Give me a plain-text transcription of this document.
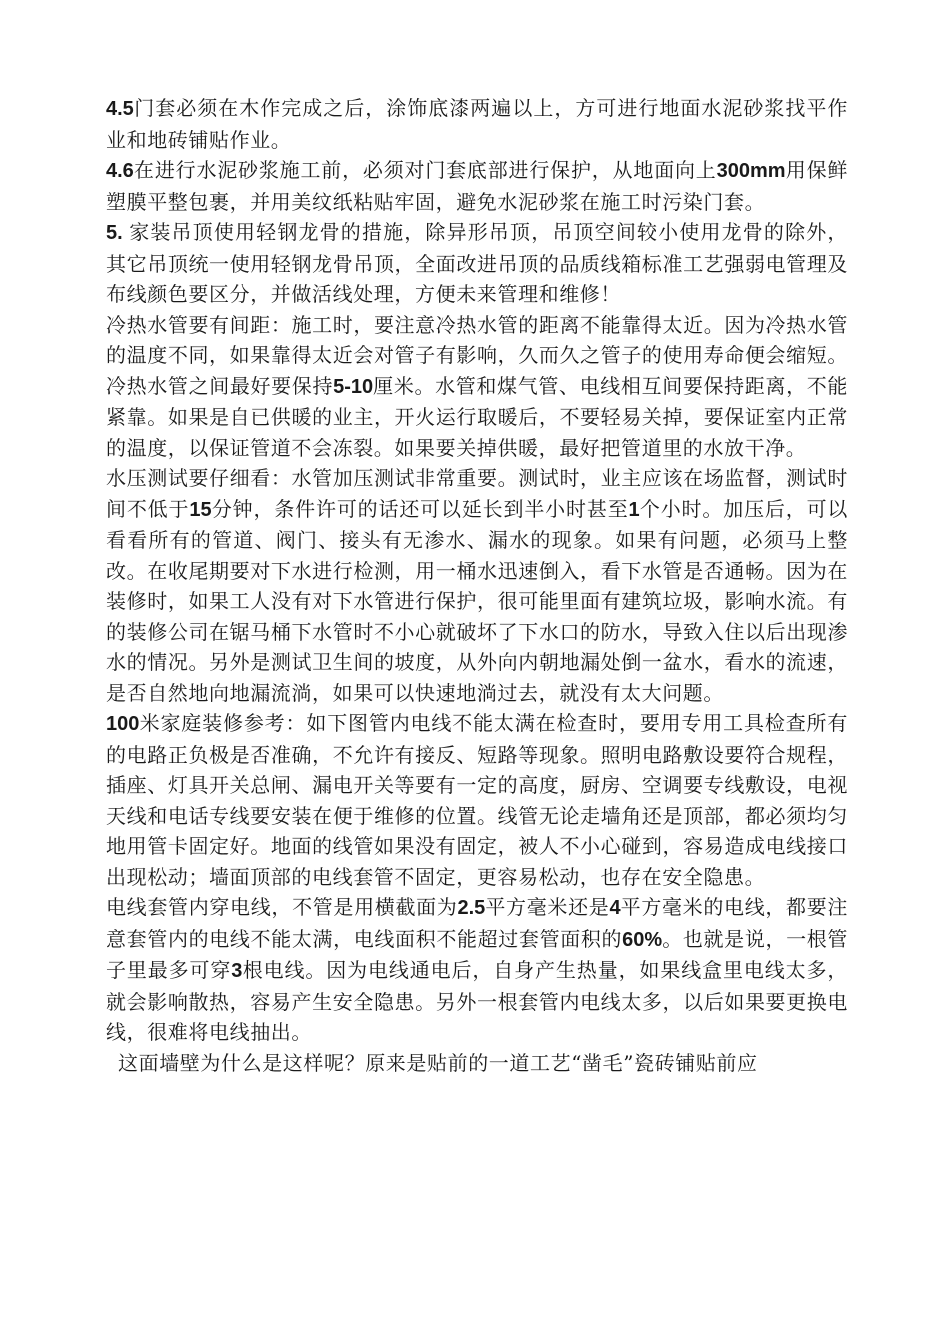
4.5门套必须在木作完成之后，涂饰底漆两遍以上，方可进行地面水泥砂浆找平作业和地砖铺贴作业。

4.6在进行水泥砂浆施工前，必须对门套底部进行保护，从地面向上300mm用保鲜塑膜平整包裹，并用美纹纸粘贴牢固，避免水泥砂浆在施工时污染门套。

5. 家装吊顶使用轻钢龙骨的措施，除异形吊顶，吊顶空间较小使用龙骨的除外，其它吊顶统一使用轻钢龙骨吊顶，全面改进吊顶的品质线箱标准工艺强弱电管理及布线颜色要区分，并做活线处理，方便未来管理和维修！

冷热水管要有间距：施工时，要注意冷热水管的距离不能靠得太近。因为冷热水管的温度不同，如果靠得太近会对管子有影响，久而久之管子的使用寿命便会缩短。冷热水管之间最好要保持5-10厘米。水管和煤气管、电线相互间要保持距离，不能紧靠。如果是自已供暖的业主，开火运行取暖后，不要轻易关掉，要保证室内正常的温度，以保证管道不会冻裂。如果要关掉供暖，最好把管道里的水放干净。

水压测试要仔细看：水管加压测试非常重要。测试时，业主应该在场监督，测试时间不低于15分钟，条件许可的话还可以延长到半小时甚至1个小时。加压后，可以看看所有的管道、阀门、接头有无渗水、漏水的现象。如果有问题，必须马上整改。在收尾期要对下水进行检测，用一桶水迅速倒入，看下水管是否通畅。因为在装修时，如果工人没有对下水管进行保护，很可能里面有建筑垃圾，影响水流。有的装修公司在锯马桶下水管时不小心就破坏了下水口的防水，导致入住以后出现渗水的情况。另外是测试卫生间的坡度，从外向内朝地漏处倒一盆水，看水的流速，是否自然地向地漏流淌，如果可以快速地淌过去，就没有太大问题。

100米家庭装修参考：如下图管内电线不能太满在检查时，要用专用工具检查所有的电路正负极是否准确，不允许有接反、短路等现象。照明电路敷设要符合规程，插座、灯具开关总闸、漏电开关等要有一定的高度，厨房、空调要专线敷设，电视天线和电话专线要安装在便于维修的位置。线管无论走墙角还是顶部，都必须均匀地用管卡固定好。地面的线管如果没有固定，被人不小心碰到，容易造成电线接口出现松动；墙面顶部的电线套管不固定，更容易松动，也存在安全隐患。

电线套管内穿电线，不管是用横截面为2.5平方毫米还是4平方毫米的电线，都要注意套管内的电线不能太满，电线面积不能超过套管面积的60%。也就是说，一根管子里最多可穿3根电线。因为电线通电后，自身产生热量，如果线盒里电线太多，就会影响散热，容易产生安全隐患。另外一根套管内电线太多，以后如果要更换电线，很难将电线抽出。

这面墙壁为什么是这样呢？原来是贴前的一道工艺“凿毛”瓷砖铺贴前应
